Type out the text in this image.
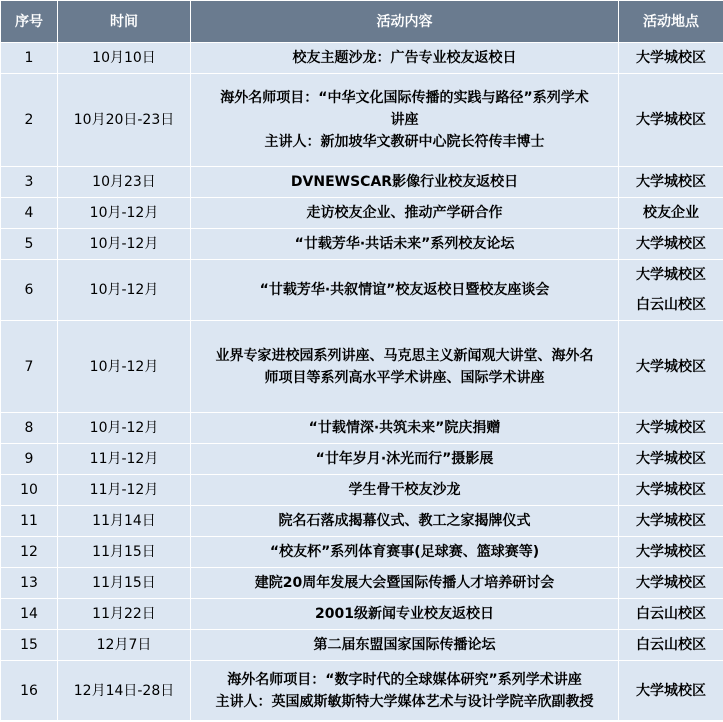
序号	时间	活动内容	活动地点
1	10月10日	校友主题沙龙：广告专业校友返校日	大学城校区

2	10月20日-23日	海外名师项目：“中华文化国际传播的实践与路径”系列学术
讲座
主讲人：新加坡华文教研中心院长符传丰博士	大学城校区

3	10月23日	DVNEWSCAR影像行业校友返校日	大学城校区

4	10月-12月	走访校友企业、推动产学研合作	校友企业

5	10月-12月	“廿载芳华·共话未来”系列校友论坛	大学城校区

6	10月-12月	“廿载芳华·共叙情谊”校友返校日暨校友座谈会	大学城校区
白云山校区

7	10月-12月	业界专家进校园系列讲座、马克思主义新闻观大讲堂、海外名
师项目等系列高水平学术讲座、国际学术讲座	大学城校区

8	10月-12月	“廿载情深·共筑未来”院庆捐赠	大学城校区

9	11月-12月	“廿年岁月·沐光而行”摄影展	大学城校区

10	11月-12月	学生骨干校友沙龙	大学城校区

11	11月14日	院名石落成揭幕仪式、教工之家揭牌仪式	大学城校区

12	11月15日	“校友杯”系列体育赛事(足球赛、篮球赛等)	大学城校区

13	11月15日	建院20周年发展大会暨国际传播人才培养研讨会	大学城校区

14	11月22日	2001级新闻专业校友返校日	白云山校区

15	12月7日	第二届东盟国家国际传播论坛	白云山校区

16	12月14日-28日	海外名师项目：“数字时代的全球媒体研究”系列学术讲座
主讲人：英国威斯敏斯特大学媒体艺术与设计学院辛欣副教授	大学城校区
